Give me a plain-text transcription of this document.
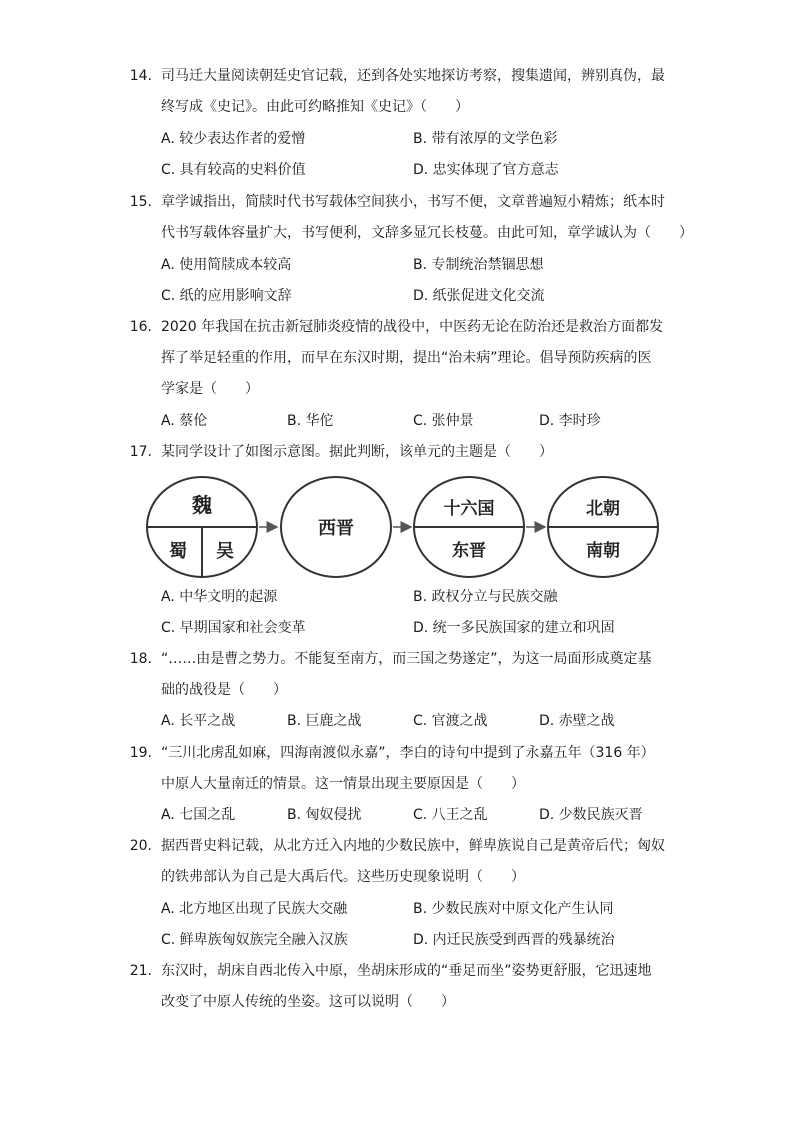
14. 司马迁大量阅读朝廷史官记载，还到各处实地探访考察，搜集遗闻，辨别真伪，最
终写成《史记》。由此可约略推知《史记》（　　）
A. 较少表达作者的爱憎	B. 带有浓厚的文学色彩
C. 具有较高的史料价值	D. 忠实体现了官方意志
15. 章学诚指出，简牍时代书写载体空间狭小，书写不便，文章普遍短小精炼；纸本时
代书写载体容量扩大，书写便利，文辞多显冗长枝蔓。由此可知，章学诚认为（　　）
A. 使用简牍成本较高	B. 专制统治禁锢思想
C. 纸的应用影响文辞	D. 纸张促进文化交流
16. 2020 年我国在抗击新冠肺炎疫情的战役中，中医药无论在防治还是救治方面都发
挥了举足轻重的作用，而早在东汉时期，提出“治未病”理论。倡导预防疾病的医
学家是（　　）
A. 蔡伦	B. 华佗	C. 张仲景	D. 李时珍
17. 某同学设计了如图示意图。据此判断，该单元的主题是（　　）
魏
蜀 吴
西晋
十六国
东晋
北朝
南朝
A. 中华文明的起源	B. 政权分立与民族交融
C. 早期国家和社会变革	D. 统一多民族国家的建立和巩固
18. “……由是曹之势力。不能复至南方，而三国之势遂定”，为这一局面形成奠定基
础的战役是（　　）
A. 长平之战	B. 巨鹿之战	C. 官渡之战	D. 赤壁之战
19. “三川北虏乱如麻，四海南渡似永嘉”，李白的诗句中提到了永嘉五年（316 年）
中原人大量南迁的情景。这一情景出现主要原因是（　　）
A. 七国之乱	B. 匈奴侵扰	C. 八王之乱	D. 少数民族灭晋
20. 据西晋史料记载，从北方迁入内地的少数民族中，鲜卑族说自己是黄帝后代；匈奴
的铁弗部认为自己是大禹后代。这些历史现象说明（　　）
A. 北方地区出现了民族大交融	B. 少数民族对中原文化产生认同
C. 鲜卑族匈奴族完全融入汉族	D. 内迁民族受到西晋的残暴统治
21. 东汉时，胡床自西北传入中原，坐胡床形成的“垂足而坐”姿势更舒服，它迅速地
改变了中原人传统的坐姿。这可以说明（　　）
